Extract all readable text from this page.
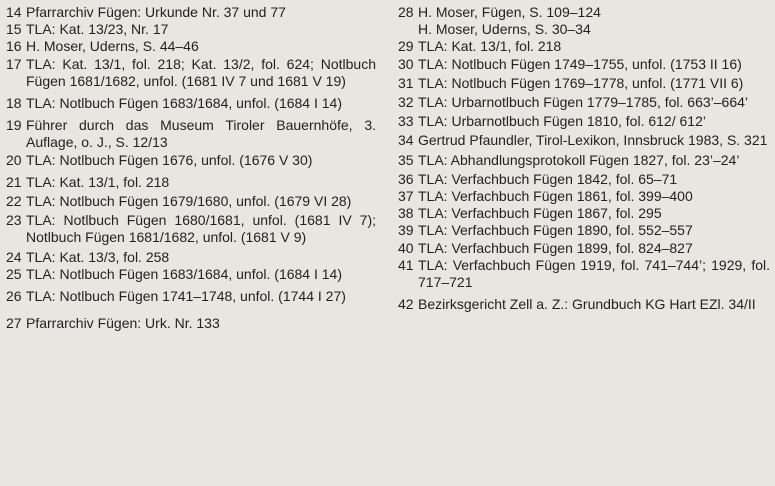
14 Pfarrarchiv Fügen: Urkunde Nr. 37 und 77
15 TLA: Kat. 13/23, Nr. 17
16 H. Moser, Uderns, S. 44–46
17 TLA: Kat. 13/1, fol. 218; Kat. 13/2, fol. 624; Notlbuch Fügen 1681/1682, unfol. (1681 IV 7 und 1681 V 19)
18 TLA: Notlbuch Fügen 1683/1684, unfol. (1684 I 14)
19 Führer durch das Museum Tiroler Bauernhöfe, 3. Auflage, o. J., S. 12/13
20 TLA: Notlbuch Fügen 1676, unfol. (1676 V 30)
21 TLA: Kat. 13/1, fol. 218
22 TLA: Notlbuch Fügen 1679/1680, unfol. (1679 VI 28)
23 TLA: Notlbuch Fügen 1680/1681, unfol. (1681 IV 7); Notlbuch Fügen 1681/1682, unfol. (1681 V 9)
24 TLA: Kat. 13/3, fol. 258
25 TLA: Notlbuch Fügen 1683/1684, unfol. (1684 I 14)
26 TLA: Notlbuch Fügen 1741–1748, unfol. (1744 I 27)
27 Pfarrarchiv Fügen: Urk. Nr. 133
28 H. Moser, Fügen, S. 109–124
H. Moser, Uderns, S. 30–34
29 TLA: Kat. 13/1, fol. 218
30 TLA: Notlbuch Fügen 1749–1755, unfol. (1753 II 16)
31 TLA: Notlbuch Fügen 1769–1778, unfol. (1771 VII 6)
32 TLA: Urbarnotlbuch Fügen 1779–1785, fol. 663’–664’
33 TLA: Urbarnotlbuch Fügen 1810, fol. 612/ 612’
34 Gertrud Pfaundler, Tirol-Lexikon, Innsbruck 1983, S. 321
35 TLA: Abhandlungsprotokoll Fügen 1827, fol. 23’–24’
36 TLA: Verfachbuch Fügen 1842, fol. 65–71
37 TLA: Verfachbuch Fügen 1861, fol. 399–400
38 TLA: Verfachbuch Fügen 1867, fol. 295
39 TLA: Verfachbuch Fügen 1890, fol. 552–557
40 TLA: Verfachbuch Fügen 1899, fol. 824–827
41 TLA: Verfachbuch Fügen 1919, fol. 741–744’; 1929, fol. 717–721
42 Bezirksgericht Zell a. Z.: Grundbuch KG Hart EZl. 34/II
